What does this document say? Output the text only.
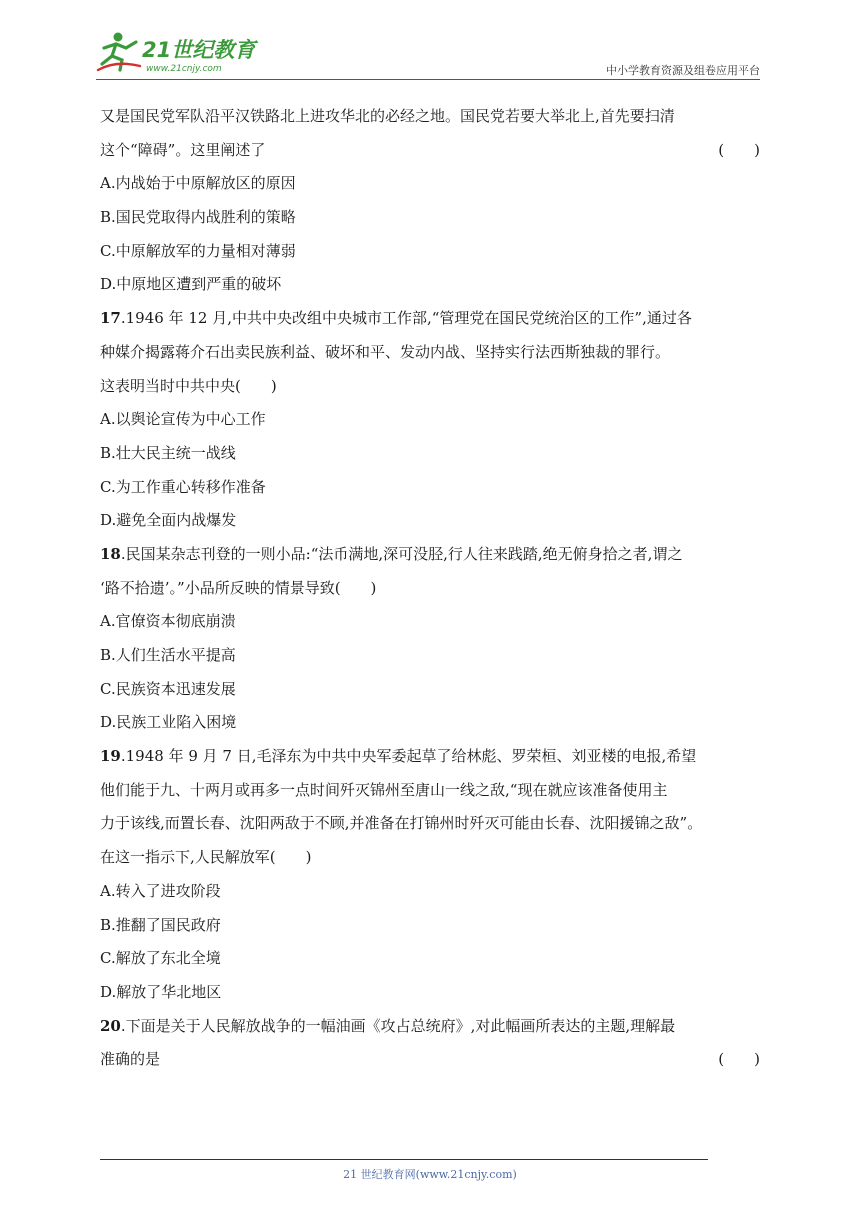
21世纪教育
www.21cnjy.com	中小学教育资源及组卷应用平台
又是国民党军队沿平汉铁路北上进攻华北的必经之地。国民党若要大举北上,首先要扫清
这个“障碍”。这里阐述了	(　　)
A.内战始于中原解放区的原因
B.国民党取得内战胜利的策略
C.中原解放军的力量相对薄弱
D.中原地区遭到严重的破坏
17.1946 年 12 月,中共中央改组中央城市工作部,“管理党在国民党统治区的工作”,通过各
种媒介揭露蒋介石出卖民族利益、破坏和平、发动内战、坚持实行法西斯独裁的罪行。
这表明当时中共中央(　　)
A.以舆论宣传为中心工作
B.壮大民主统一战线
C.为工作重心转移作准备
D.避免全面内战爆发
18.民国某杂志刊登的一则小品:“法币满地,深可没胫,行人往来践踏,绝无俯身拾之者,谓之
‘路不拾遗’。”小品所反映的情景导致(　　)
A.官僚资本彻底崩溃
B.人们生活水平提高
C.民族资本迅速发展
D.民族工业陷入困境
19.1948 年 9 月 7 日,毛泽东为中共中央军委起草了给林彪、罗荣桓、刘亚楼的电报,希望
他们能于九、十两月或再多一点时间歼灭锦州至唐山一线之敌,“现在就应该准备使用主
力于该线,而置长春、沈阳两敌于不顾,并准备在打锦州时歼灭可能由长春、沈阳援锦之敌”。
在这一指示下,人民解放军(　　)
A.转入了进攻阶段
B.推翻了国民政府
C.解放了东北全境
D.解放了华北地区
20.下面是关于人民解放战争的一幅油画《攻占总统府》,对此幅画所表达的主题,理解最
准确的是	(　　)
21 世纪教育网(www.21cnjy.com)
